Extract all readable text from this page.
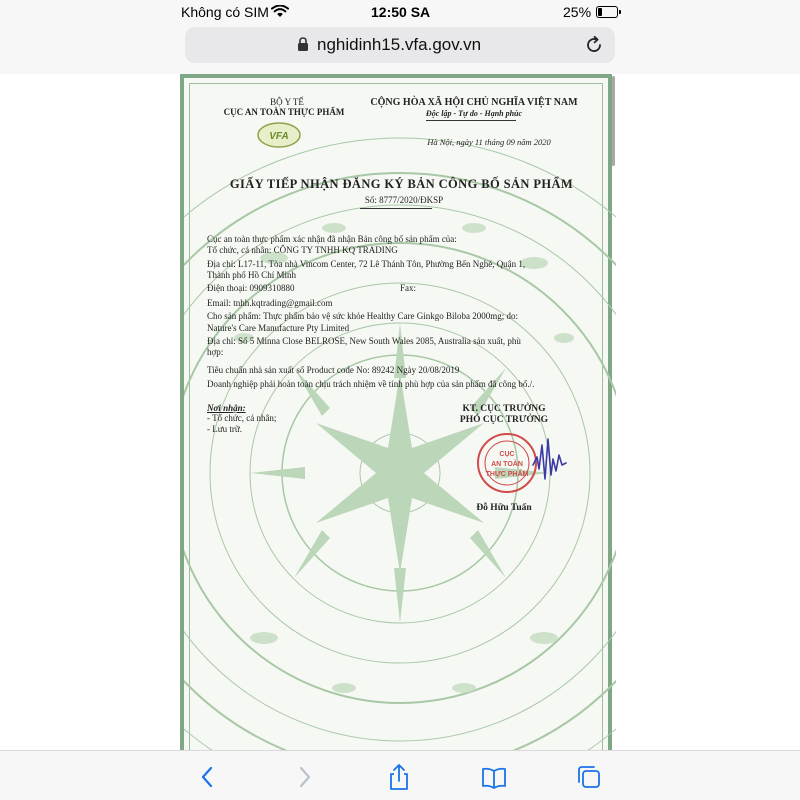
Không có SIM	12:50 SA	25%
nghidinh15.vfa.gov.vn
BỘ Y TẾ
CỤC AN TOÀN THỰC PHẨM
VFA
CỘNG HÒA XÃ HỘI CHỦ NGHĨA VIỆT NAM
Độc lập - Tự do - Hạnh phúc
Hà Nội, ngày 11 tháng 09 năm 2020
GIẤY TIẾP NHẬN ĐĂNG KÝ BẢN CÔNG BỐ SẢN PHẨM
Số: 8777/2020/ĐKSP
Cục an toàn thực phẩm xác nhận đã nhận Bản công bố sản phẩm của:
Tổ chức, cá nhân: CÔNG TY TNHH KQ TRADING
Địa chỉ: L17-11, Tòa nhà Vincom Center, 72 Lê Thánh Tôn, Phường Bến Nghé, Quận 1,
Thành phố Hồ Chí Minh
Điện thoại: 0909310880	Fax:
Email: tnhh.kqtrading@gmail.com
Cho sản phẩm: Thực phẩm bảo vệ sức khỏe Healthy Care Ginkgo Biloba 2000mg; do:
Nature's Care Manufacture Pty Limited
Địa chỉ: Số 5 Minna Close BELROSE, New South Wales 2085, Australia sản xuất, phù
hợp:
Tiêu chuẩn nhà sản xuất số Product code No: 89242 Ngày 20/08/2019
Doanh nghiệp phải hoàn toàn chịu trách nhiệm về tính phù hợp của sản phẩm đã công bố./.
Nơi nhận:
- Tổ chức, cá nhân;
- Lưu trữ.
KT. CỤC TRƯỞNG
PHÓ CỤC TRƯỞNG
CỤC
AN TOÀN
THỰC PHẨM
Đỗ Hữu Tuấn
